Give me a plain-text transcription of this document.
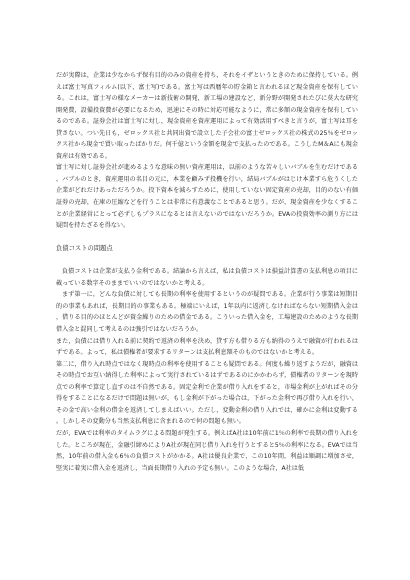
だが実際は，企業は少なからず保有目的のみの資産を持ち，それをイザというときのために保持している。例えば富士写真フィルム(以下，富士写)である。富士写は西暦年の貯金箱と言われるほど現金資産を保有している。これは，富士写の様なメーカーは新技術の開発，新工場の建設など，新分野が開発されたびに莫大な研究開発費，設備投資費が必要になるため，迅速にその時に対応可能なように，常に多額の現金資産を保有しているのである。証券会社は富士写に対し，現金資産を資産運用によって有効活用すべきと言うが，富士写は耳を貸さない。つい先日も，ゼロックス社と共同出資で設立した子会社の富士ゼロックス社の株式の25％をゼロックス社から現金で買い取ったばかりだ。何千億という金額を現金で支払ったのである。こうしたM＆Aにも現金資産は有効である。

富士写に対し証券会社が進めるような意味の無い資産運用は，以前のような苦々しいバブルを生むだけである。バブルのとき，資産運用の名目の元に，本業を顧みず投機を行い，結局バブルがはじけ本業すら危うくした企業がどれだけあっただろうか。投下資本を減らすために，使用していない固定資産の売却，目的のない有価証券の売却，在庫の圧縮などを行うことは非常に有意義なことであると思う。だが，現金資産を少なくすることが企業経営にとって必ずしもプラスになるとは言えないのではないだろうか。EVAの投資効率の測り方には疑問を持たざるを得ない。

負債コストの問題点

負債コストは企業が支払う金利である。結論から言えば，私は負債コストは損益計算書の支払利息の項目に載っている数字そのままでいいのではないかと考える。

まず第一に，どんな負債に対しても長期の利率を使用するというのが疑問である。企業が行う事業は短期目的の事業もあれば，長期目的の事業もある。極端にいえば，1年以内に返済しなければならない短期借入金は，借りる目的のほとんどが資金繰りのための借金である。こういった借入金を，工場建設のためのような長期借入金と混同して考えるのは強引ではないだろうか。

また，負債には借り入れる前に契約で返済の利率を決め，貸す方も借りる方も納得のうえで融資が行われるはずである。よって，私は債権者が要求するリターンは支払利息額そのものではないかと考える。

第二に，借り入れ時点ではなく現時点の利率を使用することも疑問である。何度も繰り返すようだが，融資はその時点でお互い納得した利率によって実行されているはずであるのにかかわらず，債権者のリターンを現時点での利率で算定し直すのは不自然である。固定金利で企業が借り入れをすると，市場金利が上がればその分得をすることになるだけで問題は無いが，もし金利が下がった場合は，下がった金利で再び借り入れを行い，その金で高い金利の借金を返済してしまえばいい。ただし，変動金利の借り入れでは，確かに金利は変動する。しかしその変動分も当然支払利息に含まれるので何の問題も無い。

だが，EVAでは利率のタイムラグによる問題が発生する。例えばA社は10年前に1％の利率で長期の借り入れをした。ところが現在，金融引締めによりA社が現在同じ借り入れを行うとすると5％の利率になる。EVAでは当然，10年前の借入金も6％の負債コストがかかる。A社は優良企業で，この10年間，利益は順調に増加させ，堅実に着実に借入金を返済し，当面長期借り入れの予定も無い。このような場合，A社は低
